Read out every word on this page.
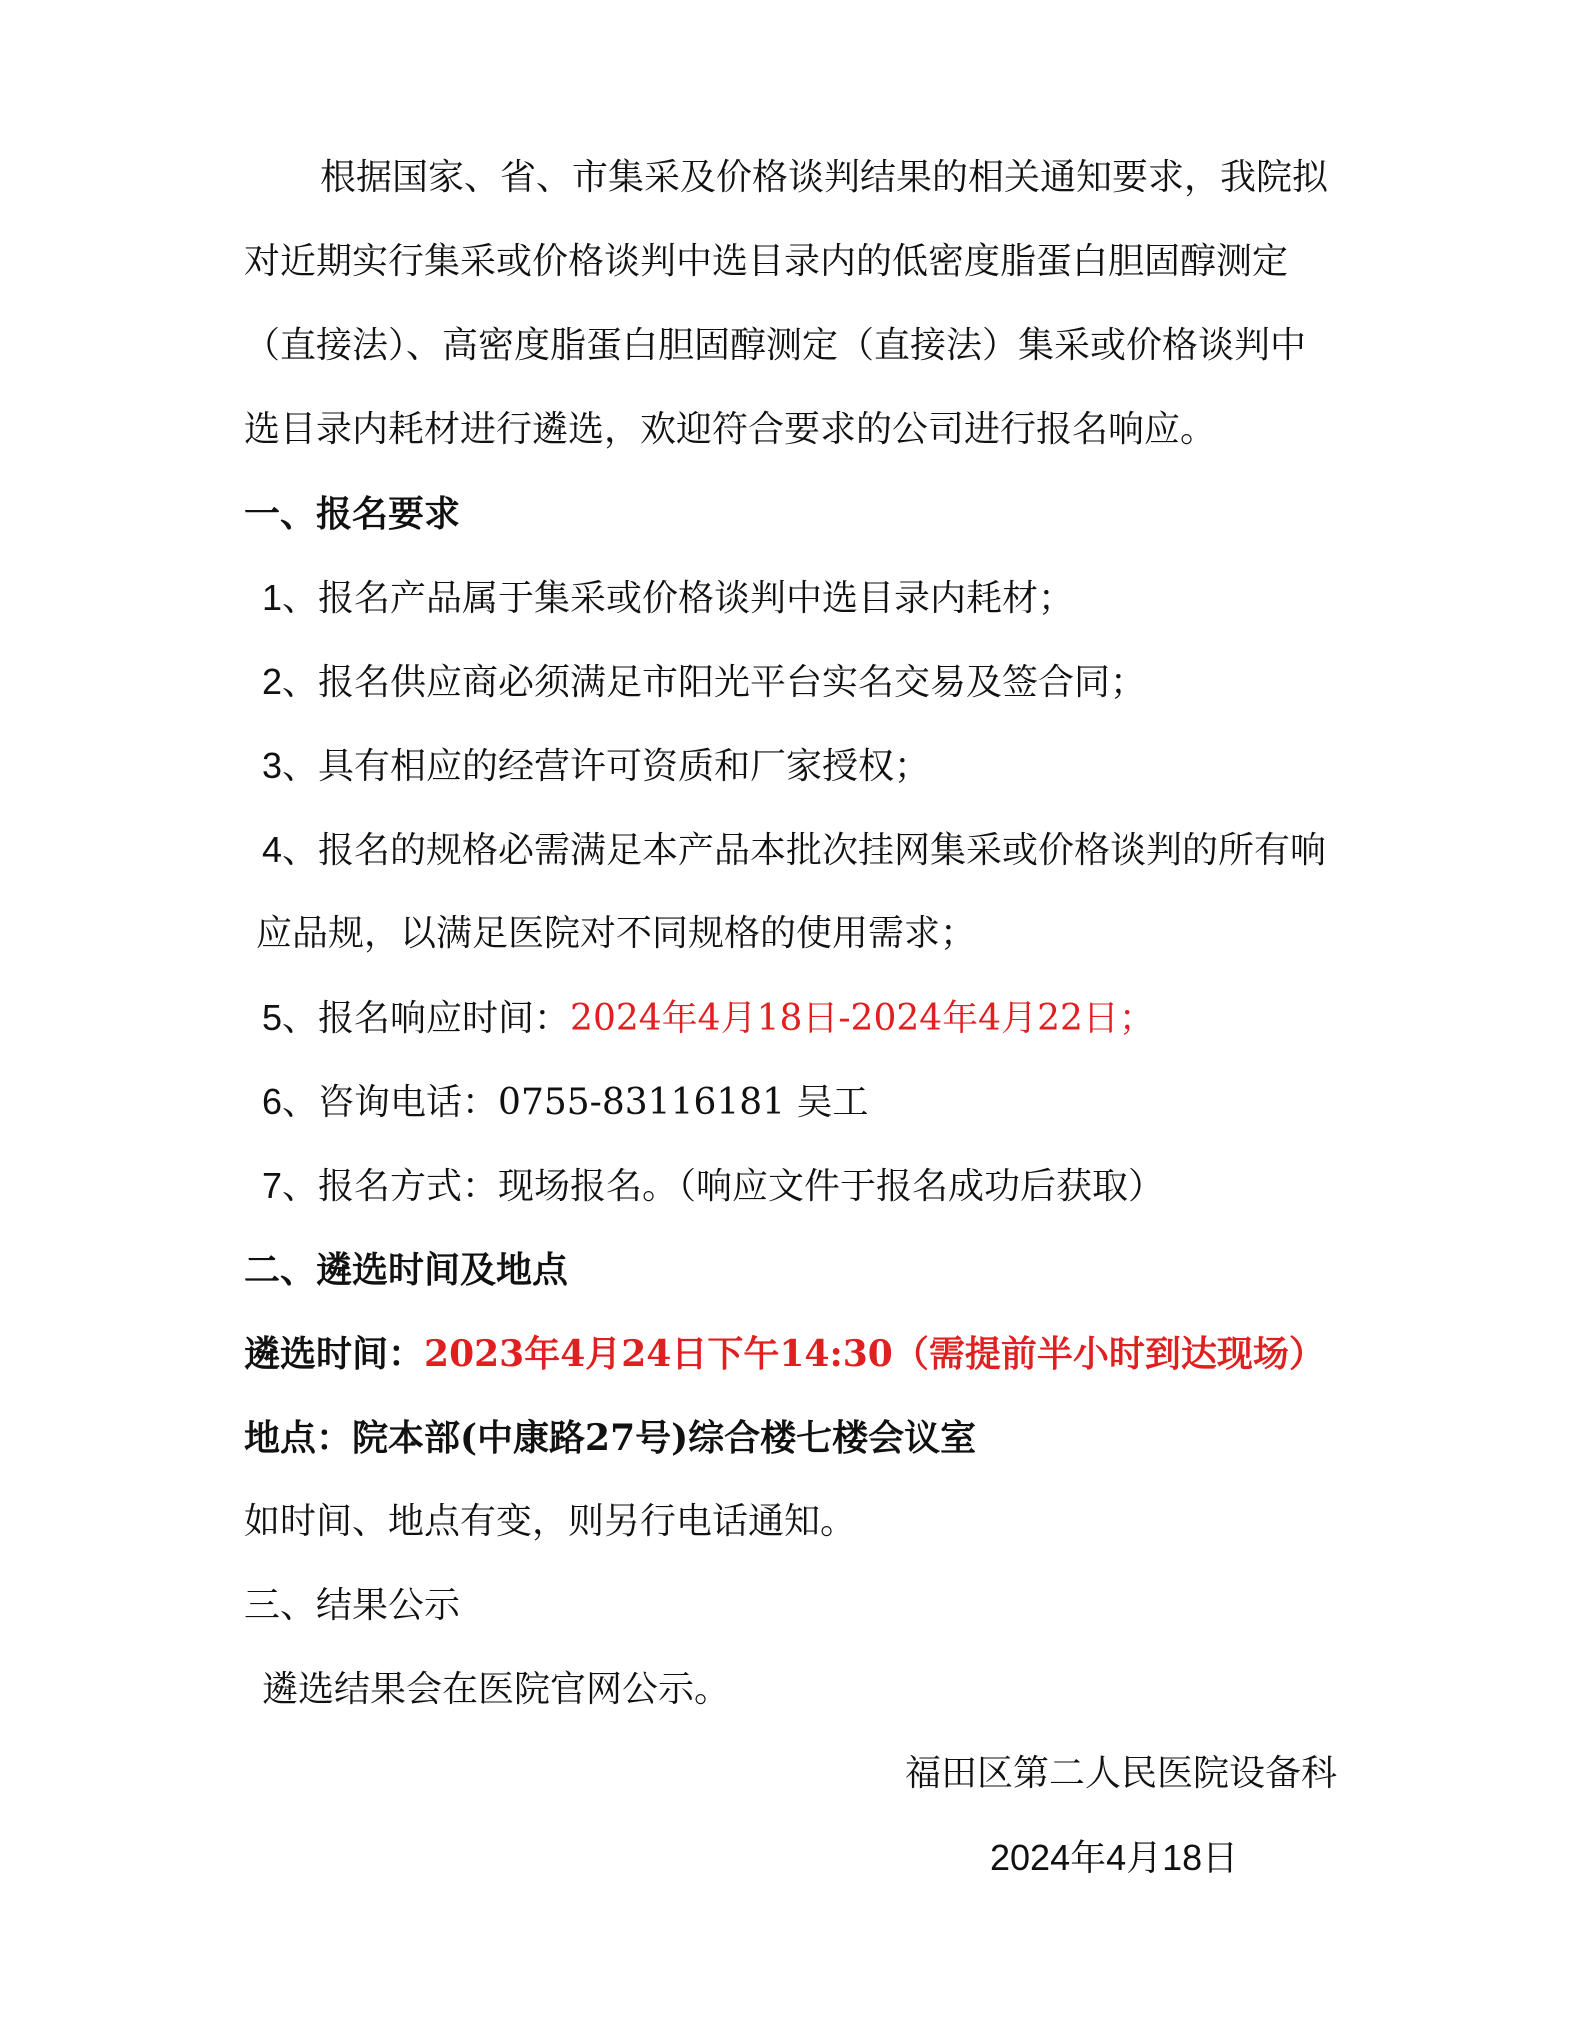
根据国家、省、市集采及价格谈判结果的相关通知要求，我院拟
对近期实行集采或价格谈判中选目录内的低密度脂蛋白胆固醇测定
（直接法）、高密度脂蛋白胆固醇测定（直接法）集采或价格谈判中
选目录内耗材进行遴选，欢迎符合要求的公司进行报名响应。
一、报名要求
1、报名产品属于集采或价格谈判中选目录内耗材；
2、报名供应商必须满足市阳光平台实名交易及签合同；
3、具有相应的经营许可资质和厂家授权；
4、报名的规格必需满足本产品本批次挂网集采或价格谈判的所有响
应品规，以满足医院对不同规格的使用需求；
5、报名响应时间：2024年4月18日-2024年4月22日；
6、咨询电话：0755-83116181 吴工
7、报名方式：现场报名。（响应文件于报名成功后获取）
二、遴选时间及地点
遴选时间：2023年4月24日下午14:30（需提前半小时到达现场）
地点：院本部(中康路27号)综合楼七楼会议室
如时间、地点有变，则另行电话通知。
三、结果公示
遴选结果会在医院官网公示。
福田区第二人民医院设备科
2024年4月18日
